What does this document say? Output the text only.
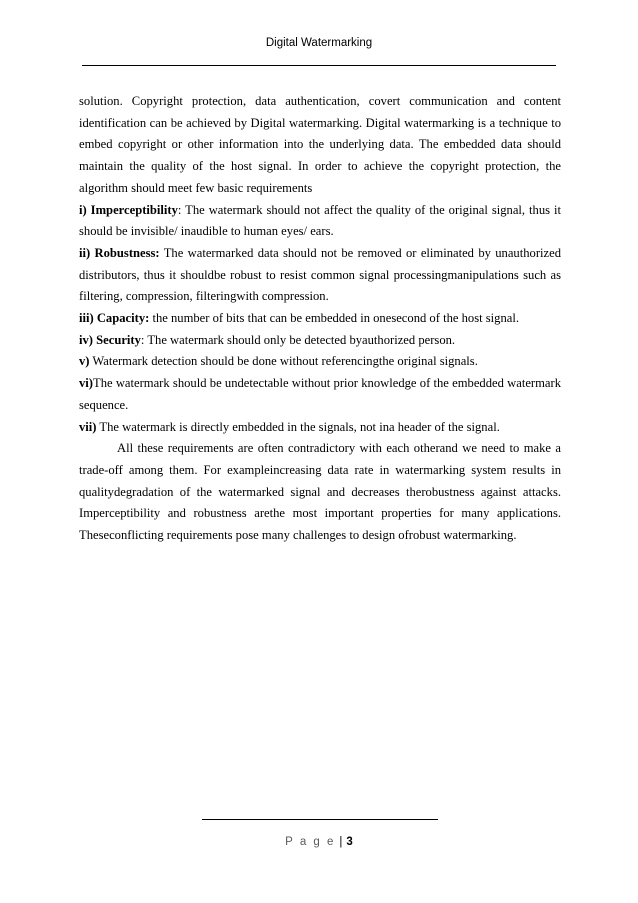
Digital Watermarking

solution. Copyright protection, data authentication, covert communication and content identification can be achieved by Digital watermarking. Digital watermarking is a technique to embed copyright or other information into the underlying data. The embedded data should maintain the quality of the host signal. In order to achieve the copyright protection, the algorithm should meet few basic requirements

i) Imperceptibility: The watermark should not affect the quality of the original signal, thus it should be invisible/ inaudible to human eyes/ ears.

ii) Robustness: The watermarked data should not be removed or eliminated by unauthorized distributors, thus it shouldbe robust to resist common signal processingmanipulations such as filtering, compression, filteringwith compression.

iii) Capacity: the number of bits that can be embedded in onesecond of the host signal.

iv) Security: The watermark should only be detected byauthorized person.

v) Watermark detection should be done without referencingthe original signals.

vi)The watermark should be undetectable without prior knowledge of the embedded watermark sequence.

vii) The watermark is directly embedded in the signals, not ina header of the signal.

All these requirements are often contradictory with each otherand we need to make a trade-off among them. For exampleincreasing data rate in watermarking system results in qualitydegradation of the watermarked signal and decreases therobustness against attacks. Imperceptibility and robustness arethe most important properties for many applications. Theseconflicting requirements pose many challenges to design ofrobust watermarking.

P a g e | 3
